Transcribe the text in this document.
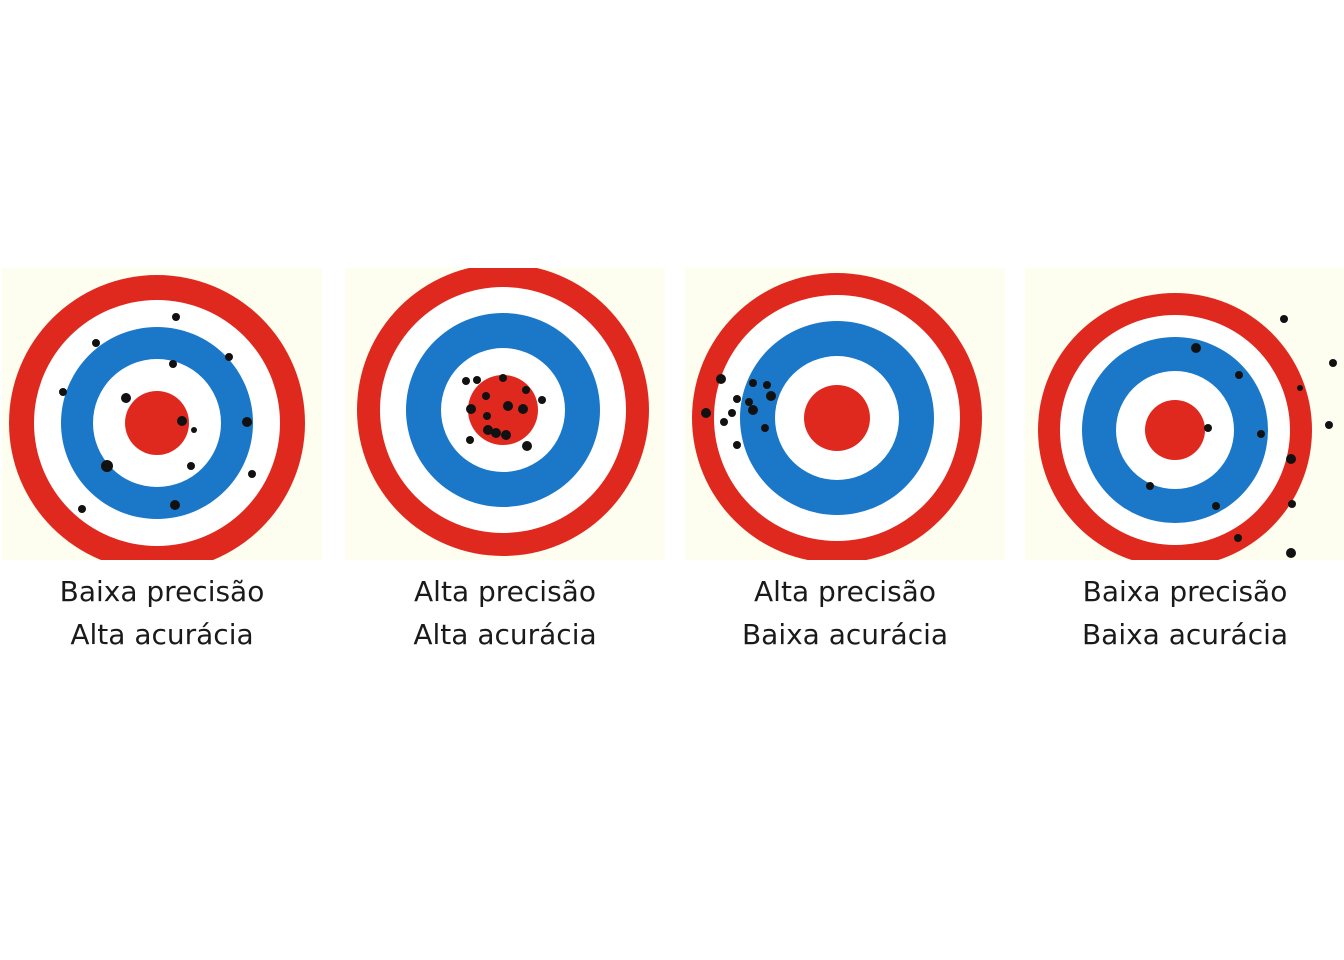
Baixa precisão
Alta acurácia
Alta precisão
Alta acurácia
Alta precisão
Baixa acurácia
Baixa precisão
Baixa acurácia
